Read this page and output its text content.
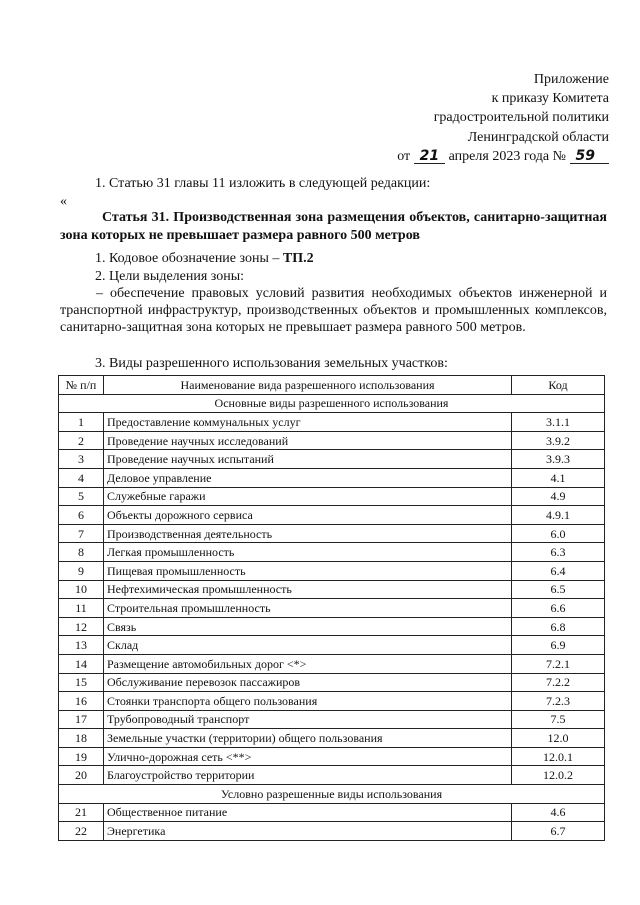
Приложение
к приказу Комитета
градостроительной политики
Ленинградской области
от 21 апреля 2023 года № 59
1. Статью 31 главы 11 изложить в следующей редакции:
«
Статья 31. Производственная зона размещения объектов, санитарно-защитная зона которых не превышает размера равного 500 метров
1. Кодовое обозначение зоны – ТП.2
2. Цели выделения зоны:
– обеспечение правовых условий развития необходимых объектов инженерной и транспортной инфраструктур, производственных объектов и промышленных комплексов, санитарно-защитная зона которых не превышает размера равного 500 метров.
3. Виды разрешенного использования земельных участков:
№ п/п	Наименование вида разрешенного использования	Код
Основные виды разрешенного использования		
1	Предоставление коммунальных услуг	3.1.1
2	Проведение научных исследований	3.9.2
3	Проведение научных испытаний	3.9.3
4	Деловое управление	4.1
5	Служебные гаражи	4.9
6	Объекты дорожного сервиса	4.9.1
7	Производственная деятельность	6.0
8	Легкая промышленность	6.3
9	Пищевая промышленность	6.4
10	Нефтехимическая промышленность	6.5
11	Строительная промышленность	6.6
12	Связь	6.8
13	Склад	6.9
14	Размещение автомобильных дорог <*>	7.2.1
15	Обслуживание перевозок пассажиров	7.2.2
16	Стоянки транспорта общего пользования	7.2.3
17	Трубопроводный транспорт	7.5
18	Земельные участки (территории) общего пользования	12.0
19	Улично-дорожная сеть <**>	12.0.1
20	Благоустройство территории	12.0.2
Условно разрешенные виды использования		
21	Общественное питание	4.6
22	Энергетика	6.7
